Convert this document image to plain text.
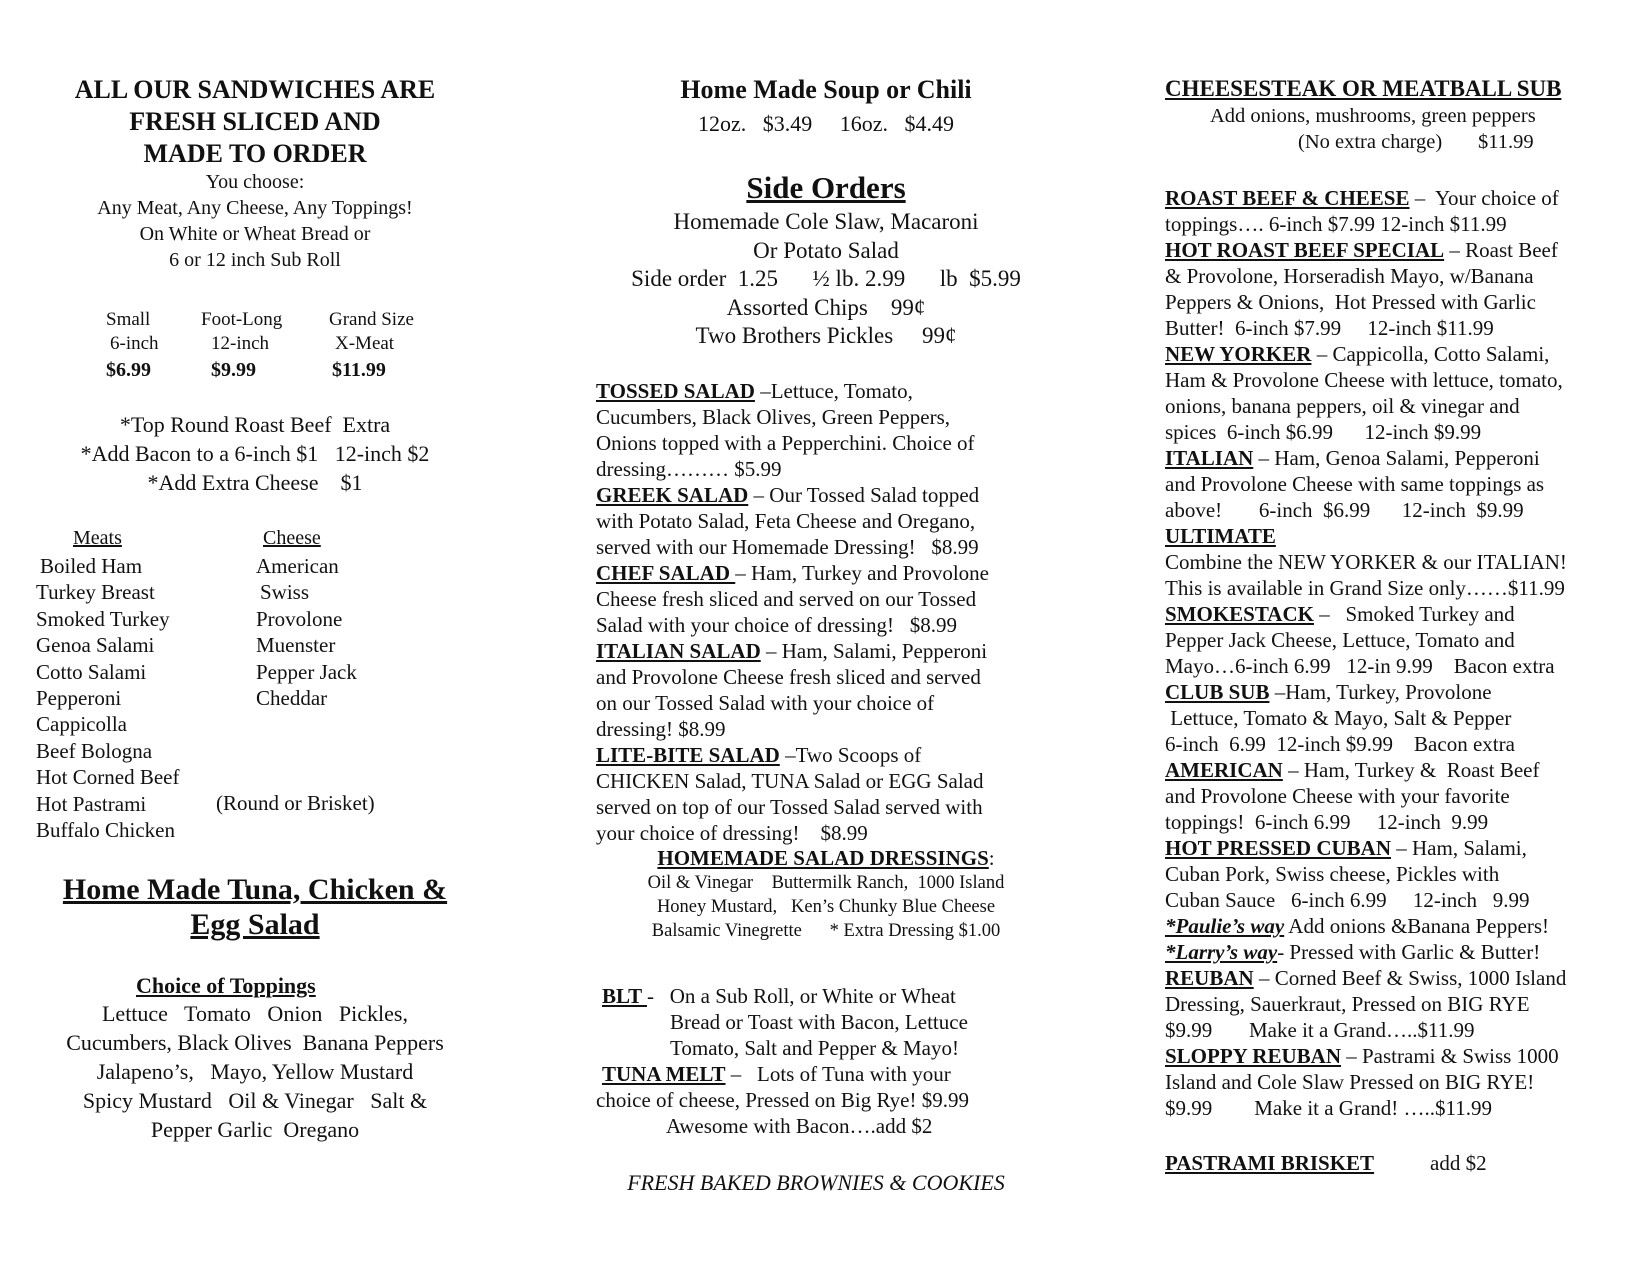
ALL OUR SANDWICHES ARE
FRESH SLICED AND
MADE TO ORDER
You choose:
Any Meat, Any Cheese, Any Toppings!
On White or Wheat Bread or
6 or 12 inch Sub Roll
Small
6-inch
$6.99
Foot-Long
12-inch
$9.99
Grand Size
X-Meat
$11.99
*Top Round Roast Beef  Extra
*Add Bacon to a 6-inch $1   12-inch $2
*Add Extra Cheese    $1
Meats	Cheese
Boiled Ham
Turkey Breast
Smoked Turkey
Genoa Salami
Cotto Salami
Pepperoni
Cappicolla
Beef Bologna
Hot Corned Beef
Hot Pastrami
Buffalo Chicken
American
Swiss
Provolone
Muenster
Pepper Jack
Cheddar
(Round or Brisket)
Home Made Tuna, Chicken &
Egg Salad
Choice of Toppings
Lettuce   Tomato   Onion   Pickles,
Cucumbers, Black Olives  Banana Peppers
Jalapeno’s,   Mayo, Yellow Mustard
Spicy Mustard   Oil & Vinegar   Salt &
Pepper Garlic  Oregano
Home Made Soup or Chili
12oz.   $3.49     16oz.   $4.49
Side Orders
Homemade Cole Slaw, Macaroni
Or Potato Salad
Side order  1.25      ½ lb. 2.99      lb  $5.99
Assorted Chips    99¢
Two Brothers Pickles     99¢
TOSSED SALAD –Lettuce, Tomato,
Cucumbers, Black Olives, Green Peppers,
Onions topped with a Pepperchini. Choice of
dressing……… $5.99
GREEK SALAD – Our Tossed Salad topped
with Potato Salad, Feta Cheese and Oregano,
served with our Homemade Dressing!   $8.99
CHEF SALAD – Ham, Turkey and Provolone
Cheese fresh sliced and served on our Tossed
Salad with your choice of dressing!   $8.99
ITALIAN SALAD – Ham, Salami, Pepperoni
and Provolone Cheese fresh sliced and served
on our Tossed Salad with your choice of
dressing! $8.99
LITE-BITE SALAD –Two Scoops of
CHICKEN Salad, TUNA Salad or EGG Salad
served on top of our Tossed Salad served with
your choice of dressing!    $8.99
HOMEMADE SALAD DRESSINGS:
Oil & Vinegar    Buttermilk Ranch,  1000 Island
Honey Mustard,   Ken’s Chunky Blue Cheese
Balsamic Vinegrette      * Extra Dressing $1.00
BLT -   On a Sub Roll, or White or Wheat
Bread or Toast with Bacon, Lettuce
Tomato, Salt and Pepper & Mayo!
TUNA MELT –   Lots of Tuna with your
choice of cheese, Pressed on Big Rye! $9.99
Awesome with Bacon….add $2
FRESH BAKED BROWNIES & COOKIES
CHEESESTEAK OR MEATBALL SUB
Add onions, mushrooms, green peppers
(No extra charge)       $11.99
ROAST BEEF & CHEESE –  Your choice of
toppings…. 6-inch $7.99 12-inch $11.99
HOT ROAST BEEF SPECIAL – Roast Beef
& Provolone, Horseradish Mayo, w/Banana
Peppers & Onions,  Hot Pressed with Garlic
Butter!  6-inch $7.99     12-inch $11.99
NEW YORKER – Cappicolla, Cotto Salami,
Ham & Provolone Cheese with lettuce, tomato,
onions, banana peppers, oil & vinegar and
spices  6-inch $6.99      12-inch $9.99
ITALIAN – Ham, Genoa Salami, Pepperoni
and Provolone Cheese with same toppings as
above!       6-inch  $6.99      12-inch  $9.99
ULTIMATE
Combine the NEW YORKER & our ITALIAN!
This is available in Grand Size only……$11.99
SMOKESTACK –   Smoked Turkey and
Pepper Jack Cheese, Lettuce, Tomato and
Mayo…6-inch 6.99   12-in 9.99    Bacon extra
CLUB SUB –Ham, Turkey, Provolone
Lettuce, Tomato & Mayo, Salt & Pepper
6-inch  6.99  12-inch $9.99    Bacon extra
AMERICAN – Ham, Turkey &  Roast Beef
and Provolone Cheese with your favorite
toppings!  6-inch 6.99     12-inch  9.99
HOT PRESSED CUBAN – Ham, Salami,
Cuban Pork, Swiss cheese, Pickles with
Cuban Sauce   6-inch 6.99     12-inch   9.99
*Paulie’s way Add onions &Banana Peppers!
*Larry’s way- Pressed with Garlic & Butter!
REUBAN – Corned Beef & Swiss, 1000 Island
Dressing, Sauerkraut, Pressed on BIG RYE
$9.99       Make it a Grand…..$11.99
SLOPPY REUBAN – Pastrami & Swiss 1000
Island and Cole Slaw Pressed on BIG RYE!
$9.99        Make it a Grand! …..$11.99
PASTRAMI BRISKET	add $2
